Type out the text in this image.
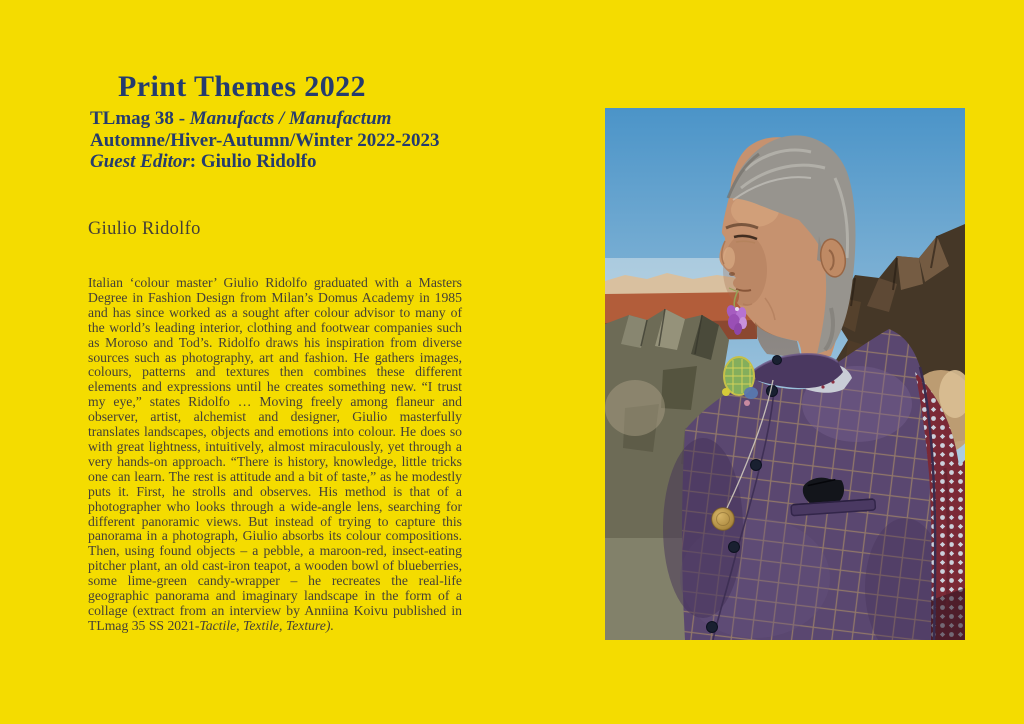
Print Themes 2022
TLmag 38 - Manufacts / Manufactum
Automne/Hiver-Autumn/Winter 2022-2023
Guest Editor: Giulio Ridolfo
Giulio Ridolfo

Italian ‘colour master’ Giulio Ridolfo graduated with a Masters Degree in Fashion Design from Milan’s Domus Academy in 1985 and has since worked as a sought after colour advisor to many of the world’s leading interior, clothing and footwear companies such as Moroso and Tod’s. Ridolfo draws his inspiration from diverse sources such as photography, art and fashion. He gathers images, colours, patterns and textures then combines these different elements and expressions until he creates something new. “I trust my eye,” states Ridolfo … Moving freely among flaneur and observer, artist, alchemist and designer, Giulio masterfully translates landscapes, objects and emotions into colour. He does so with great lightness, intuitively, almost miraculously, yet through a very hands-on approach. “There is history, knowledge, little tricks one can learn. The rest is attitude and a bit of taste,” as he modestly puts it. First, he strolls and observes. His method is that of a photographer who looks through a wide-angle lens, searching for different panoramic views. But instead of trying to capture this panorama in a photograph, Giulio absorbs its colour compositions. Then, using found objects – a pebble, a maroon-red, insect-eating pitcher plant, an old cast-iron teapot, a wooden bowl of blueberries, some lime-green candy-wrapper – he recreates the real-life geographic panorama and imaginary landscape in the form of a collage (extract from an interview by Anniina Koivu published in TLmag 35 SS 2021-Tactile, Textile, Texture).
